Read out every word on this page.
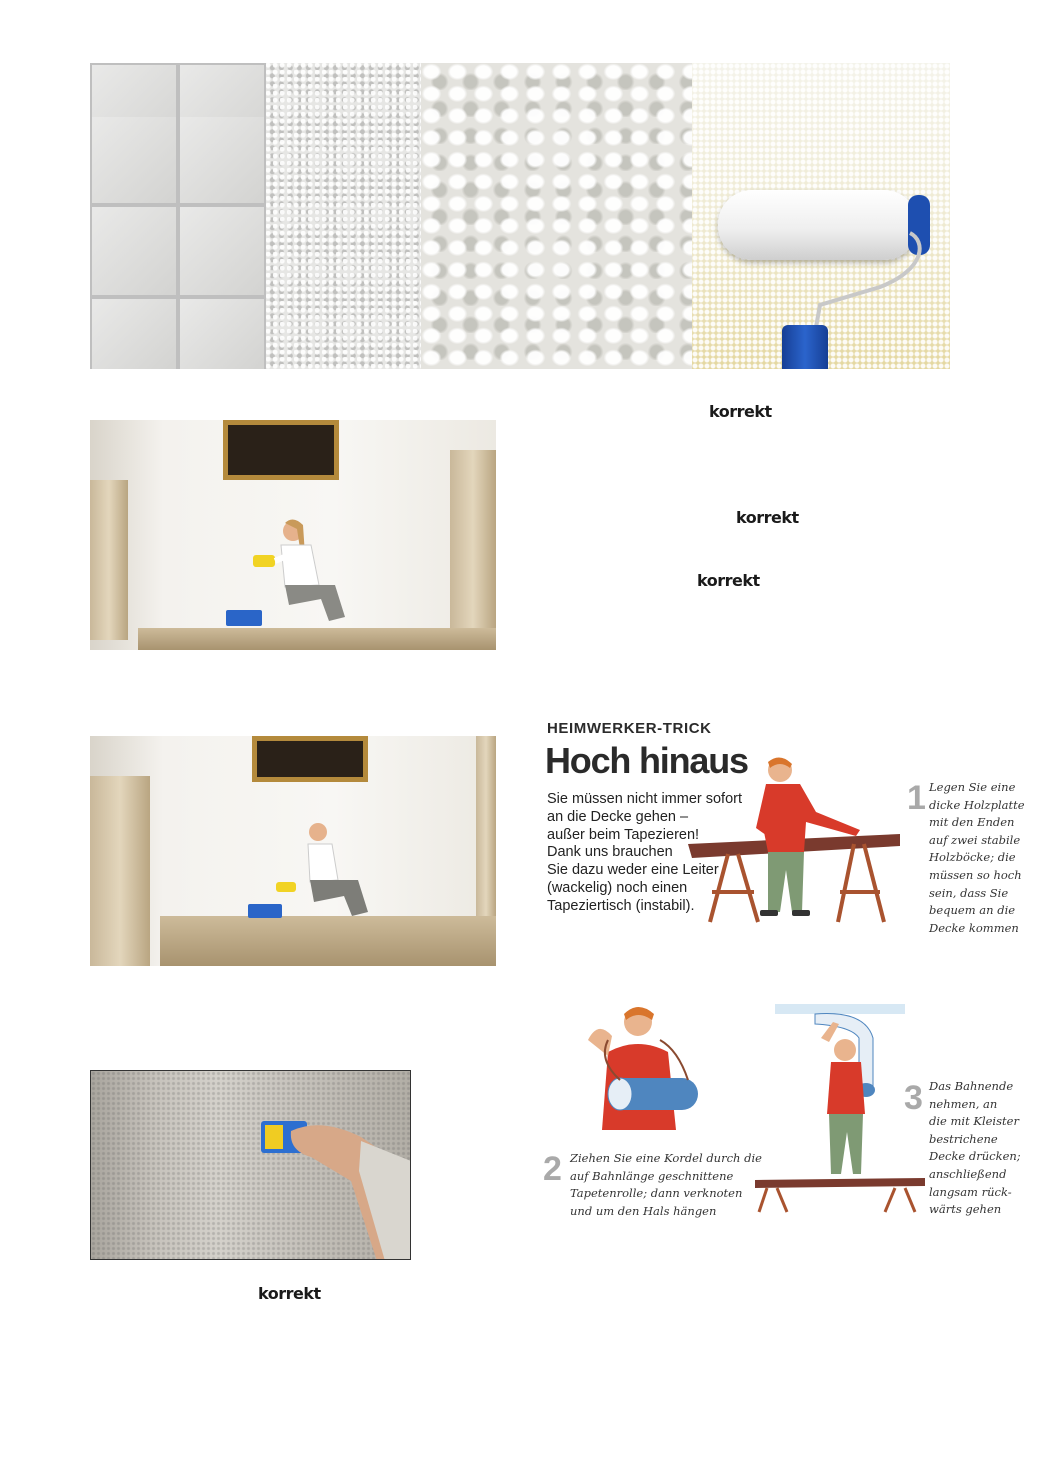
korrekt
korrekt
korrekt
korrekt
HEIMWERKER-TRICK
Hoch hinaus
Sie müssen nicht immer sofort
an die Decke gehen –
außer beim Tapezieren!
Dank uns brauchen
Sie dazu weder eine Leiter
(wackelig) noch einen
Tapeziertisch (instabil).
1 Legen Sie eine
dicke Holzplatte
mit den Enden
auf zwei stabile
Holzböcke; die
müssen so hoch
sein, dass Sie
bequem an die
Decke kommen
2 Ziehen Sie eine Kordel durch die
auf Bahnlänge geschnittene
Tapetenrolle; dann verknoten
und um den Hals hängen
3 Das Bahnende
nehmen, an
die mit Kleister
bestrichene
Decke drücken;
anschließend
langsam rück-
wärts gehen
